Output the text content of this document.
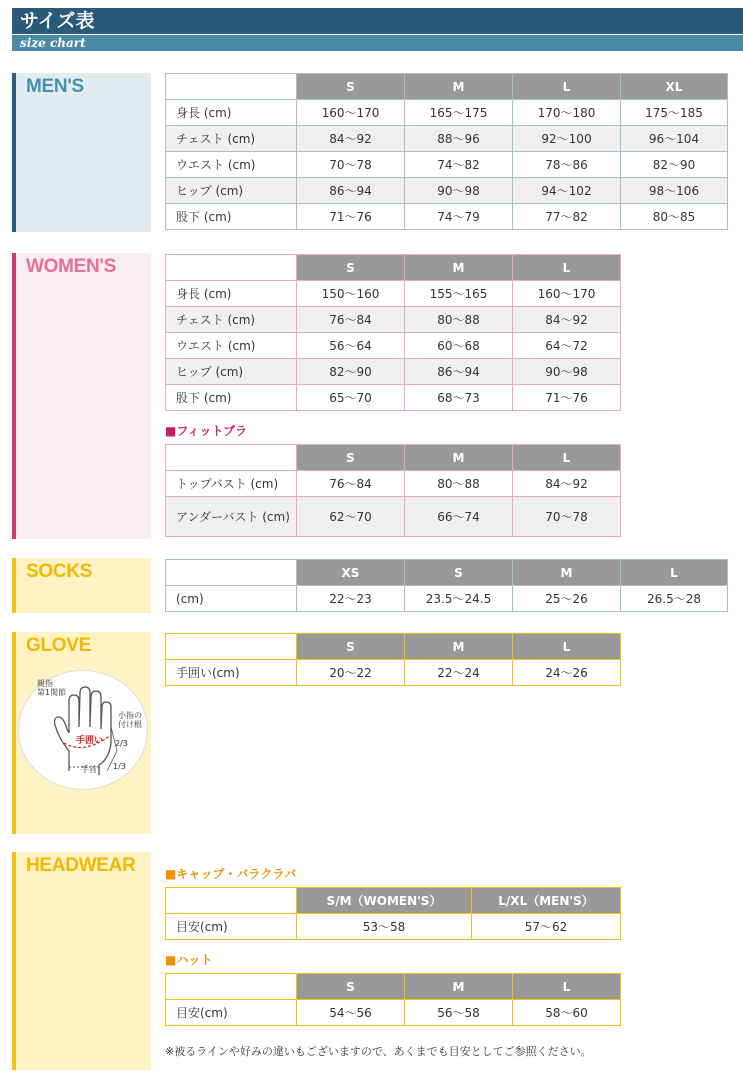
サイズ表
size chart
MEN'S
WOMEN'S
SOCKS
GLOVE
HEADWEAR
親指
第1関節
小指の
付け根
手囲い 2/3
手首 1/3
	S	M	L	XL
身長 (cm)	160～170	165～175	170～180	175～185
チェスト (cm)	84～92	88～96	92～100	96～104
ウエスト (cm)	70～78	74～82	78～86	82～90
ヒップ (cm)	86～94	90～98	94～102	98～106
股下 (cm)	71～76	74～79	77～82	80～85
	S	M	L
身長 (cm)	150～160	155～165	160～170
チェスト (cm)	76～84	80～88	84～92
ウエスト (cm)	56～64	60～68	64～72
ヒップ (cm)	82～90	86～94	90～98
股下 (cm)	65～70	68～73	71～76
■フィットブラ
	S	M	L
トップバスト (cm)	76～84	80～88	84～92
アンダーバスト (cm)	62～70	66～74	70～78
	XS	S	M	L
(cm)	22～23	23.5～24.5	25～26	26.5～28
	S	M	L
手囲い(cm)	20～22	22～24	24～26
■キャップ・バラクラバ
	S/M（WOMEN'S）	L/XL（MEN'S）
目安(cm)	53～58	57～62
■ハット
	S	M	L
目安(cm)	54～56	56～58	58～60
※被るラインや好みの違いもございますので、あくまでも目安としてご参照ください。
